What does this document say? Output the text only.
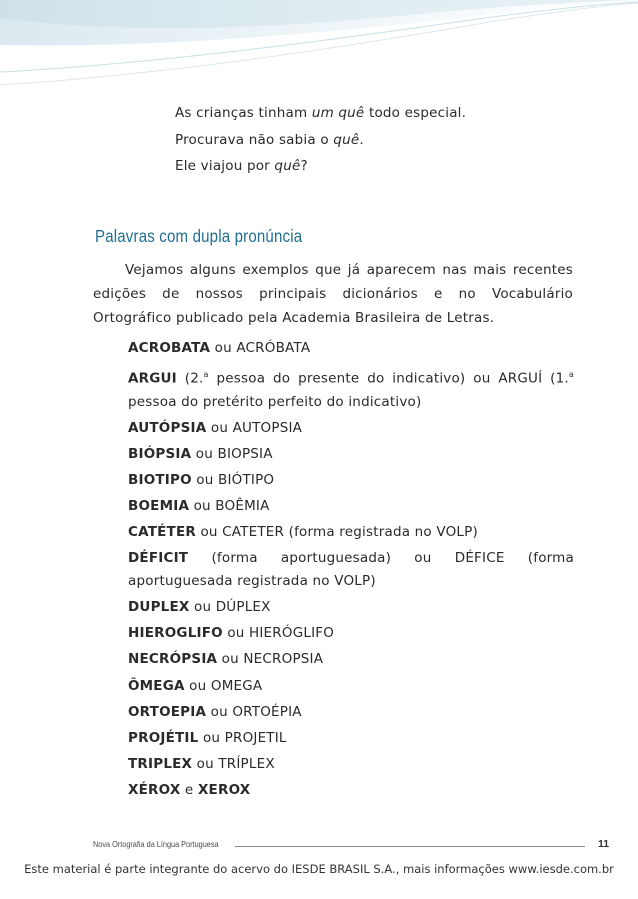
As crianças tinham um quê todo especial.

Procurava não sabia o quê.

Ele viajou por quê?

Palavras com dupla pronúncia

Vejamos alguns exemplos que já aparecem nas mais recentes edições de nossos principais dicionários e no Vocabulário Ortográfico publicado pela Academia Brasileira de Letras.

ACROBATA ou ACRÓBATA
ARGUI (2.$^a$ pessoa do presente do indicativo) ou ARGUÍ (1.$^a$ pessoa do pretérito perfeito do indicativo)
AUTÓPSIA ou AUTOPSIA
BIÓPSIA ou BIOPSIA
BIOTIPO ou BIÓTIPO
BOEMIA ou BOÊMIA
CATÉTER ou CATETER (forma registrada no VOLP)
DÉFICIT (forma aportuguesada) ou DÉFICE (forma aportuguesada registrada no VOLP)
DUPLEX ou DÚPLEX
HIEROGLIFO ou HIERÓGLIFO
NECRÓPSIA ou NECROPSIA
ÔMEGA ou OMEGA
ORTOEPIA ou ORTOÉPIA
PROJÉTIL ou PROJETIL
TRIPLEX ou TRÍPLEX
XÉROX e XEROX
Nova Ortografia da Língua Portuguesa	11
Este material é parte integrante do acervo do IESDE BRASIL S.A., mais informações www.iesde.com.br
